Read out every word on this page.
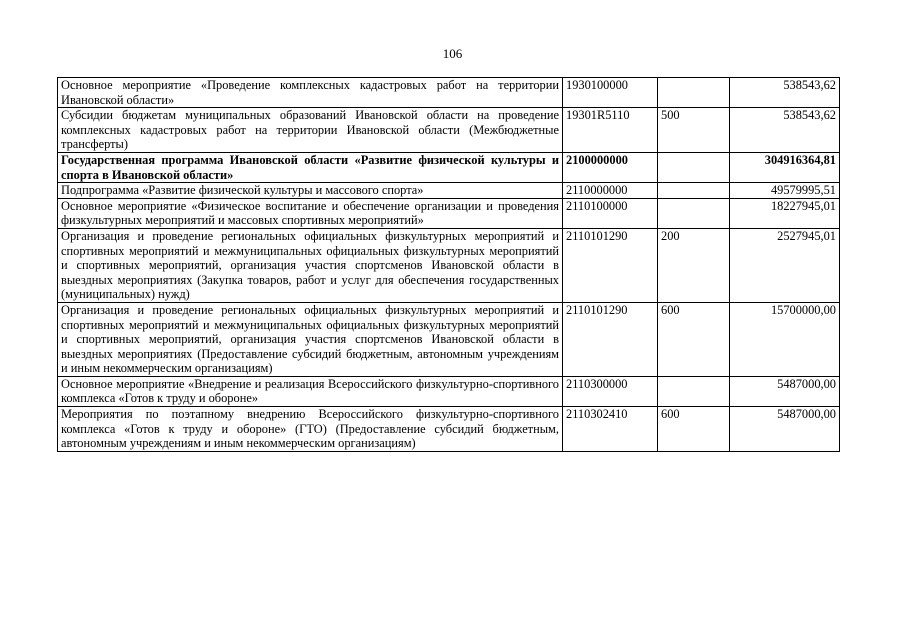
106
Основное мероприятие «Проведение комплексных кадастровых работ на территории Ивановской области»	1930100000		538543,62
Субсидии бюджетам муниципальных образований Ивановской области на проведение комплексных кадастровых работ на территории Ивановской области (Межбюджетные трансферты)	19301R5110	500	538543,62
Государственная программа Ивановской области «Развитие физической культуры и спорта в Ивановской области»	2100000000		304916364,81
Подпрограмма «Развитие физической культуры и массового спорта»	2110000000		49579995,51
Основное мероприятие «Физическое воспитание и обеспечение организации и проведения физкультурных мероприятий и массовых спортивных мероприятий»	2110100000		18227945,01
Организация и проведение региональных официальных физкультурных мероприятий и спортивных мероприятий и межмуниципальных официальных физкультурных мероприятий и спортивных мероприятий, организация участия спортсменов Ивановской области в выездных мероприятиях (Закупка товаров, работ и услуг для обеспечения государственных (муниципальных) нужд)	2110101290	200	2527945,01
Организация и проведение региональных официальных физкультурных мероприятий и спортивных мероприятий и межмуниципальных официальных физкультурных мероприятий и спортивных мероприятий, организация участия спортсменов Ивановской области в выездных мероприятиях (Предоставление субсидий бюджетным, автономным учреждениям и иным некоммерческим организациям)	2110101290	600	15700000,00
Основное мероприятие «Внедрение и реализация Всероссийского физкультурно-спортивного комплекса «Готов к труду и обороне»	2110300000		5487000,00
Мероприятия по поэтапному внедрению Всероссийского физкультурно-спортивного комплекса «Готов к труду и обороне» (ГТО) (Предоставление субсидий бюджетным, автономным учреждениям и иным некоммерческим организациям)	2110302410	600	5487000,00
